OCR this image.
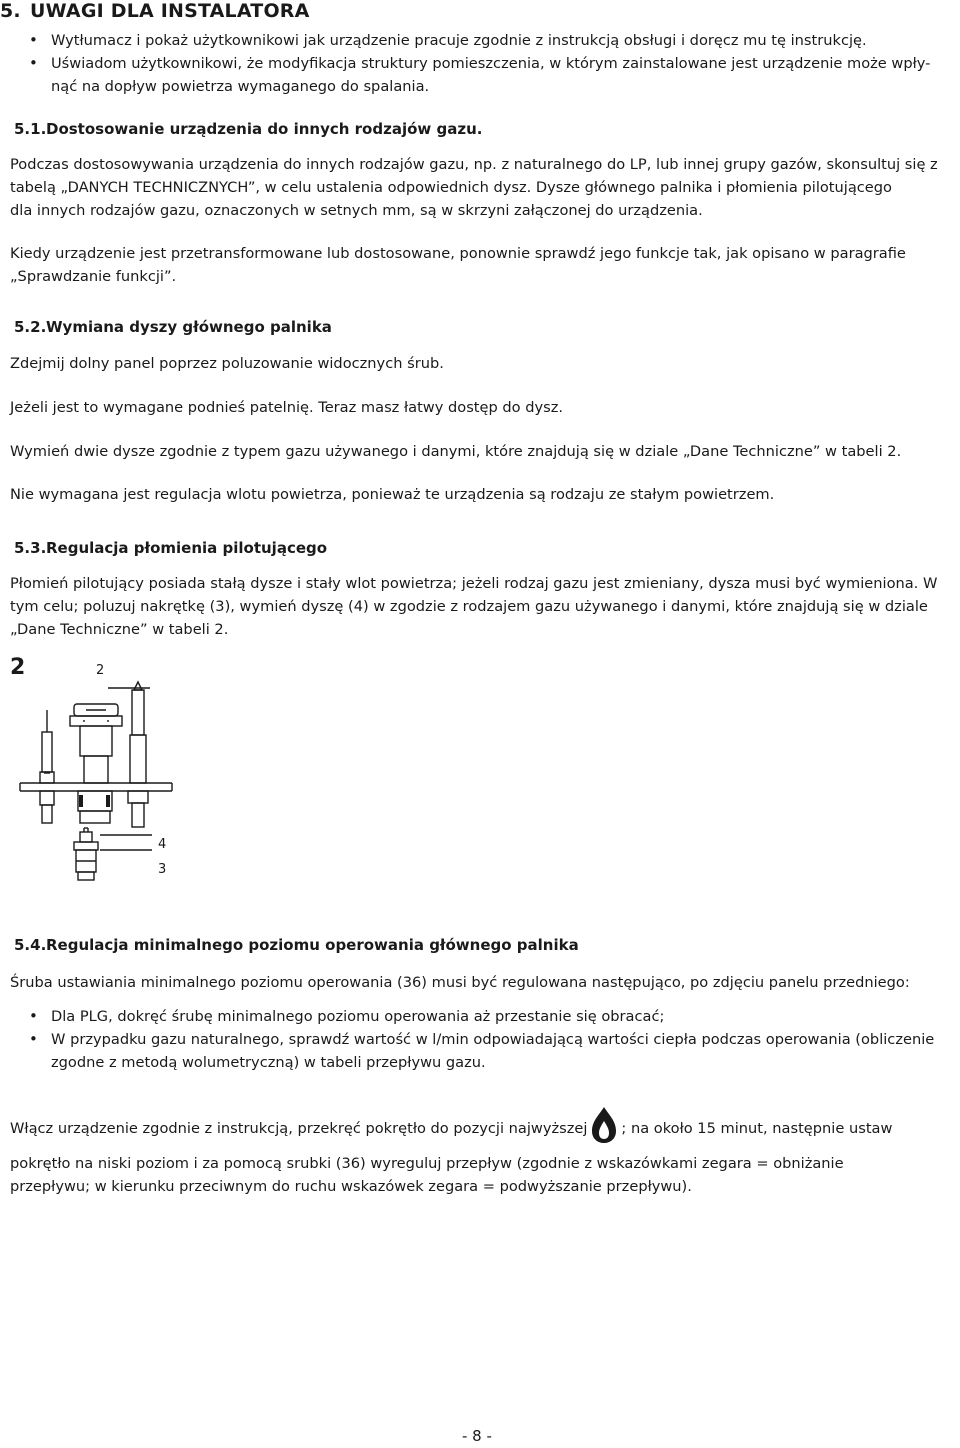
5. UWAGI DLA INSTALATORA
• Wytłumacz i pokaż użytkownikowi jak urządzenie pracuje zgodnie z instrukcją obsługi i doręcz mu tę instrukcję.
• Uświadom użytkownikowi, że modyfikacja struktury pomieszczenia, w którym zainstalowane jest urządzenie może wpły-
nąć na dopływ powietrza wymaganego do spalania.
5.1.Dostosowanie urządzenia do innych rodzajów gazu.
Podczas dostosowywania urządzenia do innych rodzajów gazu, np. z naturalnego do LP, lub innej grupy gazów, skonsultuj się z
tabelą „DANYCH TECHNICZNYCH”, w celu ustalenia odpowiednich dysz. Dysze głównego palnika i płomienia pilotującego
dla innych rodzajów gazu, oznaczonych w setnych mm, są w skrzyni załączonej do urządzenia.
Kiedy urządzenie jest przetransformowane lub dostosowane, ponownie sprawdź jego funkcje tak, jak opisano w paragrafie
„Sprawdzanie funkcji”.
5.2.Wymiana dyszy głównego palnika
Zdejmij dolny panel poprzez poluzowanie widocznych śrub.
Jeżeli jest to wymagane podnieś patelnię. Teraz masz łatwy dostęp do dysz.
Wymień dwie dysze zgodnie z typem gazu używanego i danymi, które znajdują się w dziale „Dane Techniczne” w tabeli 2.
Nie wymagana jest regulacja wlotu powietrza, ponieważ te urządzenia są rodzaju ze stałym powietrzem.
5.3.Regulacja płomienia pilotującego
Płomień pilotujący posiada stałą dysze i stały wlot powietrza; jeżeli rodzaj gazu jest zmieniany, dysza musi być wymieniona. W
tym celu; poluzuj nakrętkę (3), wymień dyszę (4) w zgodzie z rodzajem gazu używanego i danymi, które znajdują się w dziale
„Dane Techniczne” w tabeli 2.
2	2
4
3
5.4.Regulacja minimalnego poziomu operowania głównego palnika
Śruba ustawiania minimalnego poziomu operowania (36) musi być regulowana następująco, po zdjęciu panelu przedniego:
• Dla PLG, dokręć śrubę minimalnego poziomu operowania aż przestanie się obracać;
• W przypadku gazu naturalnego, sprawdź wartość w l/min odpowiadającą wartości ciepła podczas operowania (obliczenie
zgodne z metodą wolumetryczną) w tabeli przepływu gazu.
Włącz urządzenie zgodnie z instrukcją, przekręć pokrętło do pozycji najwyższej ; na około 15 minut, następnie ustaw
pokrętło na niski poziom i za pomocą srubki (36) wyreguluj przepływ (zgodnie z wskazówkami zegara = obniżanie
przepływu; w kierunku przeciwnym do ruchu wskazówek zegara = podwyższanie przepływu).
- 8 -
